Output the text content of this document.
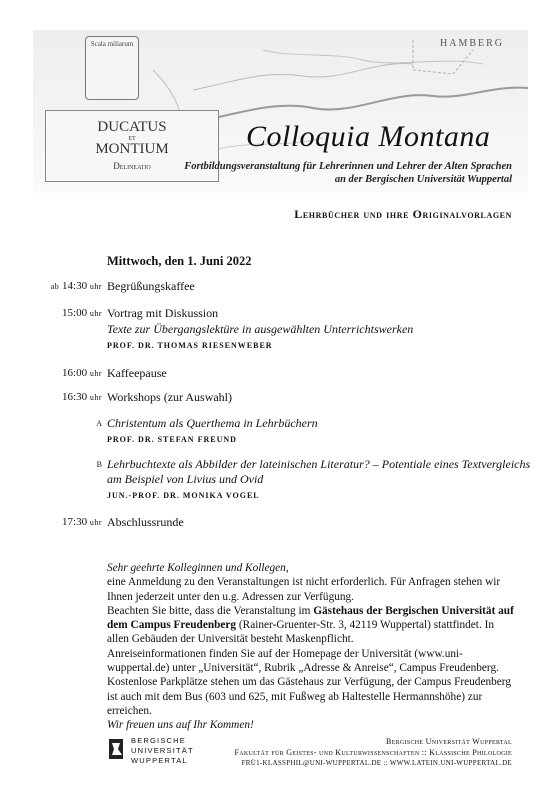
Scala miliarum	HAMBERG
DUCATUS
et
MONTIUM
Delineatio
Colloquia Montana
Fortbildungsveranstaltung für Lehrerinnen und Lehrer der Alten Sprachen
an der Bergischen Universität Wuppertal
Lehrbücher und ihre Originalvorlagen
Mittwoch, den 1. Juni 2022
ab 14:30 uhr Begrüßungskaffee
15:00 uhr Vortrag mit Diskussion
Texte zur Übergangslektüre in ausgewählten Unterrichtswerken
PROF. DR. THOMAS RIESENWEBER
16:00 uhr Kaffeepause
16:30 uhr Workshops (zur Auswahl)
A Christentum als Querthema in Lehrbüchern
PROF. DR. STEFAN FREUND
B Lehrbuchtexte als Abbilder der lateinischen Literatur? – Potentiale eines Textvergleichs
am Beispiel von Livius und Ovid
JUN.-PROF. DR. MONIKA VOGEL
17:30 uhr Abschlussrunde

Sehr geehrte Kolleginnen und Kollegen,

eine Anmeldung zu den Veranstaltungen ist nicht erforderlich. Für Anfragen stehen wir Ihnen jederzeit unter den u.g. Adressen zur Verfügung.

Beachten Sie bitte, dass die Veranstaltung im Gästehaus der Bergischen Universität auf dem Campus Freudenberg (Rainer-Gruenter-Str. 3, 42119 Wuppertal) stattfindet. In allen Gebäuden der Universität besteht Maskenpflicht.

Anreiseinformationen finden Sie auf der Homepage der Universität (www.uni-wuppertal.de) unter „Universität“, Rubrik „Adresse & Anreise“, Campus Freudenberg. Kostenlose Parkplätze stehen um das Gästehaus zur Verfügung, der Campus Freudenberg ist auch mit dem Bus (603 und 625, mit Fußweg ab Haltestelle Hermannshöhe) zur erreichen.

Wir freuen uns auf Ihr Kommen!

BERGISCHE
UNIVERSITÄT
WUPPERTAL
Bergische Universität Wuppertal
Fakultät für Geistes- und Kulturwissenschaften :: Klassische Philologie
FRÜ1-KLASSPHIL@UNI-WUPPERTAL.DE :: WWW.LATEIN.UNI-WUPPERTAL.DE
